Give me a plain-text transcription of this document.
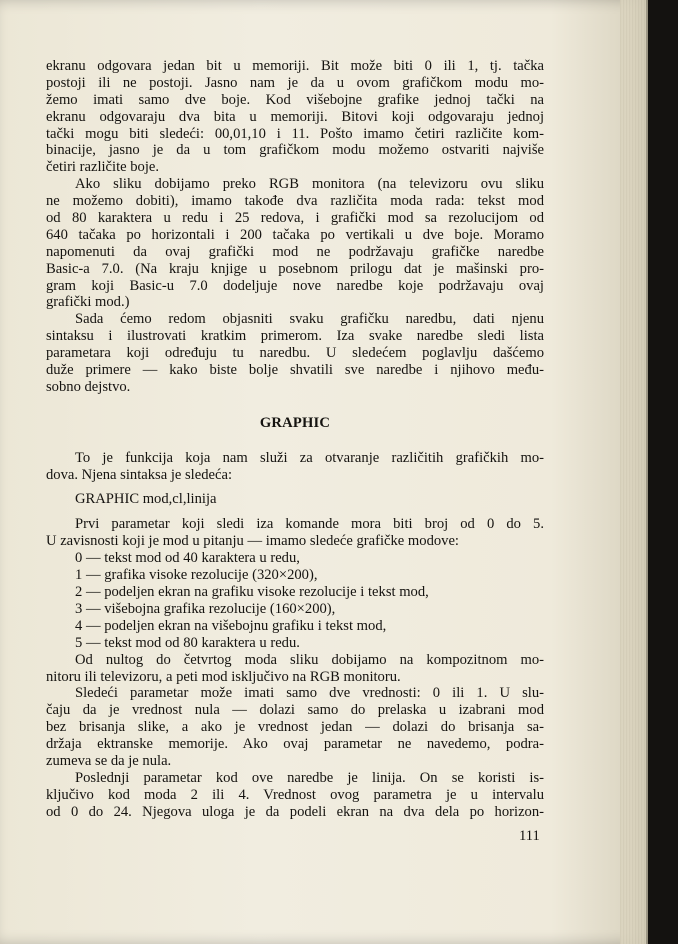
ekranu odgovara jedan bit u memoriji. Bit može biti 0 ili 1, tj. tačka
postoji ili ne postoji. Jasno nam je da u ovom grafičkom modu mo-
žemo imati samo dve boje. Kod višebojne grafike jednoj tački na
ekranu odgovaraju dva bita u memoriji. Bitovi koji odgovaraju jednoj
tački mogu biti sledeći: 00,01,10 i 11. Pošto imamo četiri različite kom-
binacije, jasno je da u tom grafičkom modu možemo ostvariti najviše
četiri različite boje.
Ako sliku dobijamo preko RGB monitora (na televizoru ovu sliku
ne možemo dobiti), imamo takođe dva različita moda rada: tekst mod
od 80 karaktera u redu i 25 redova, i grafički mod sa rezolucijom od
640 tačaka po horizontali i 200 tačaka po vertikali u dve boje. Moramo
napomenuti da ovaj grafički mod ne podržavaju grafičke naredbe
Basic-a 7.0. (Na kraju knjige u posebnom prilogu dat je mašinski pro-
gram koji Basic-u 7.0 dodeljuje nove naredbe koje podržavaju ovaj
grafički mod.)
Sada ćemo redom objasniti svaku grafičku naredbu, dati njenu
sintaksu i ilustrovati kratkim primerom. Iza svake naredbe sledi lista
parametara koji određuju tu naredbu. U sledećem poglavlju dašćemo
duže primere — kako biste bolje shvatili sve naredbe i njihovo među-
sobno dejstvo.
GRAPHIC
To je funkcija koja nam služi za otvaranje različitih grafičkih mo-
dova. Njena sintaksa je sledeća:
GRAPHIC mod,cl,linija
Prvi parametar koji sledi iza komande mora biti broj od 0 do 5.
U zavisnosti koji je mod u pitanju — imamo sledeće grafičke modove:
0 — tekst mod od 40 karaktera u redu,
1 — grafika visoke rezolucije (320×200),
2 — podeljen ekran na grafiku visoke rezolucije i tekst mod,
3 — višebojna grafika rezolucije (160×200),
4 — podeljen ekran na višebojnu grafiku i tekst mod,
5 — tekst mod od 80 karaktera u redu.
Od nultog do četvrtog moda sliku dobijamo na kompozitnom mo-
nitoru ili televizoru, a peti mod isključivo na RGB monitoru.
Sledeći parametar može imati samo dve vrednosti: 0 ili 1. U slu-
čaju da je vrednost nula — dolazi samo do prelaska u izabrani mod
bez brisanja slike, a ako je vrednost jedan — dolazi do brisanja sa-
držaja ektranske memorije. Ako ovaj parametar ne navedemo, podra-
zumeva se da je nula.
Poslednji parametar kod ove naredbe je linija. On se koristi is-
ključivo kod moda 2 ili 4. Vrednost ovog parametra je u intervalu
od 0 do 24. Njegova uloga je da podeli ekran na dva dela po horizon-
111
